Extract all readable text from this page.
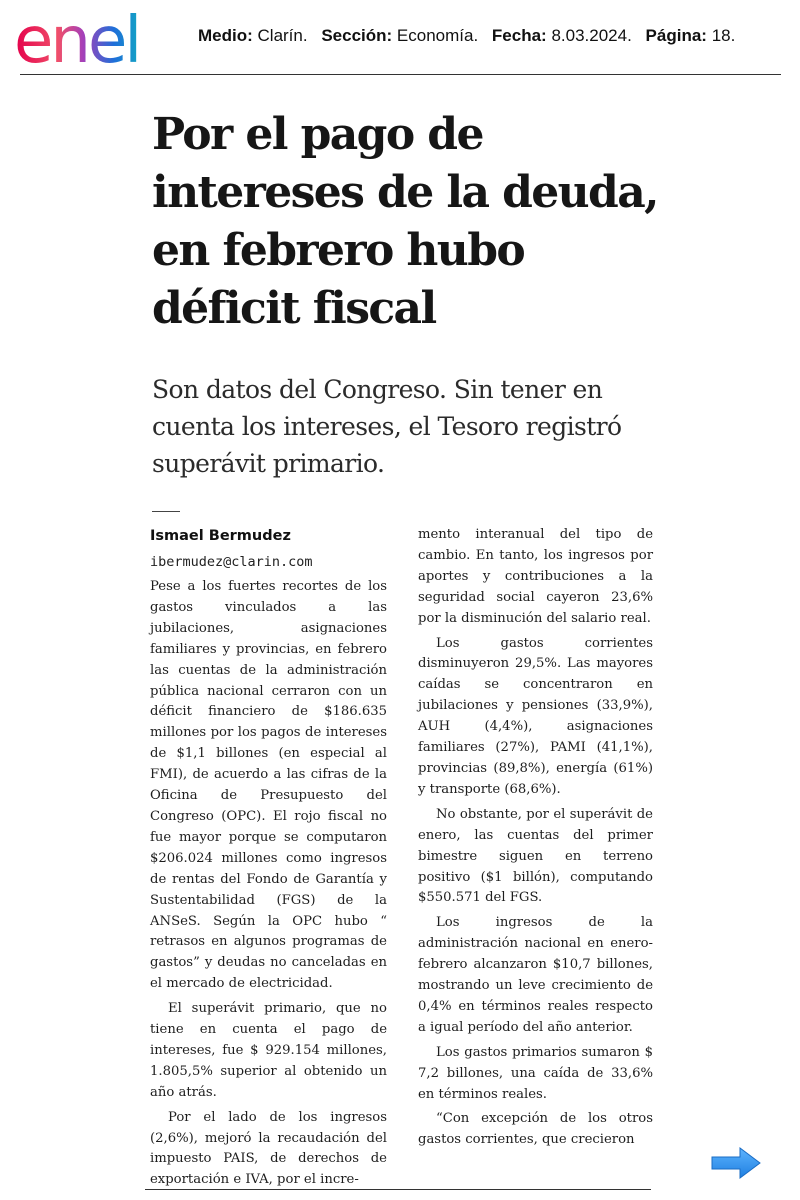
enel	Medio: Clarín. Sección: Economía. Fecha: 8.03.2024. Página: 18.
Por el pago de intereses de la deuda, en febrero hubo déficit fiscal

Son datos del Congreso. Sin tener en cuenta los intereses, el Tesoro registró superávit primario.

Ismael Bermudez

ibermudez@clarin.com

Pese a los fuertes recortes de los gastos vinculados a las jubilaciones, asignaciones familiares y provincias, en febrero las cuentas de la administración pública nacional cerraron con un déficit financiero de $186.635 millones por los pagos de intereses de $1,1 billones (en especial al FMI), de acuerdo a las cifras de la Oficina de Presupuesto del Congreso (OPC). El rojo fiscal no fue mayor porque se computaron $206.024 millones como ingresos de rentas del Fondo de Garantía y Sustentabilidad (FGS) de la ANSeS. Según la OPC hubo “ retrasos en algunos programas de gastos” y deudas no canceladas en el mercado de electricidad.

El superávit primario, que no tiene en cuenta el pago de intereses, fue $ 929.154 millones, 1.805,5% superior al obtenido un año atrás.

Por el lado de los ingresos (2,6%), mejoró la recaudación del impuesto PAIS, de derechos de exportación e IVA, por el incre-

mento interanual del tipo de cambio. En tanto, los ingresos por aportes y contribuciones a la seguridad social cayeron 23,6% por la disminución del salario real.

Los gastos corrientes disminuyeron 29,5%. Las mayores caídas se concentraron en jubilaciones y pensiones (33,9%), AUH (4,4%), asignaciones familiares (27%), PAMI (41,1%), provincias (89,8%), energía (61%) y transporte (68,6%).

No obstante, por el superávit de enero, las cuentas del primer bimestre siguen en terreno positivo ($1 billón), computando $550.571 del FGS.

Los ingresos de la administración nacional en enero-febrero alcanzaron $10,7 billones, mostrando un leve crecimiento de 0,4% en términos reales respecto a igual período del año anterior.

Los gastos primarios sumaron $ 7,2 billones, una caída de 33,6% en términos reales.

“Con excepción de los otros gastos corrientes, que crecieron
